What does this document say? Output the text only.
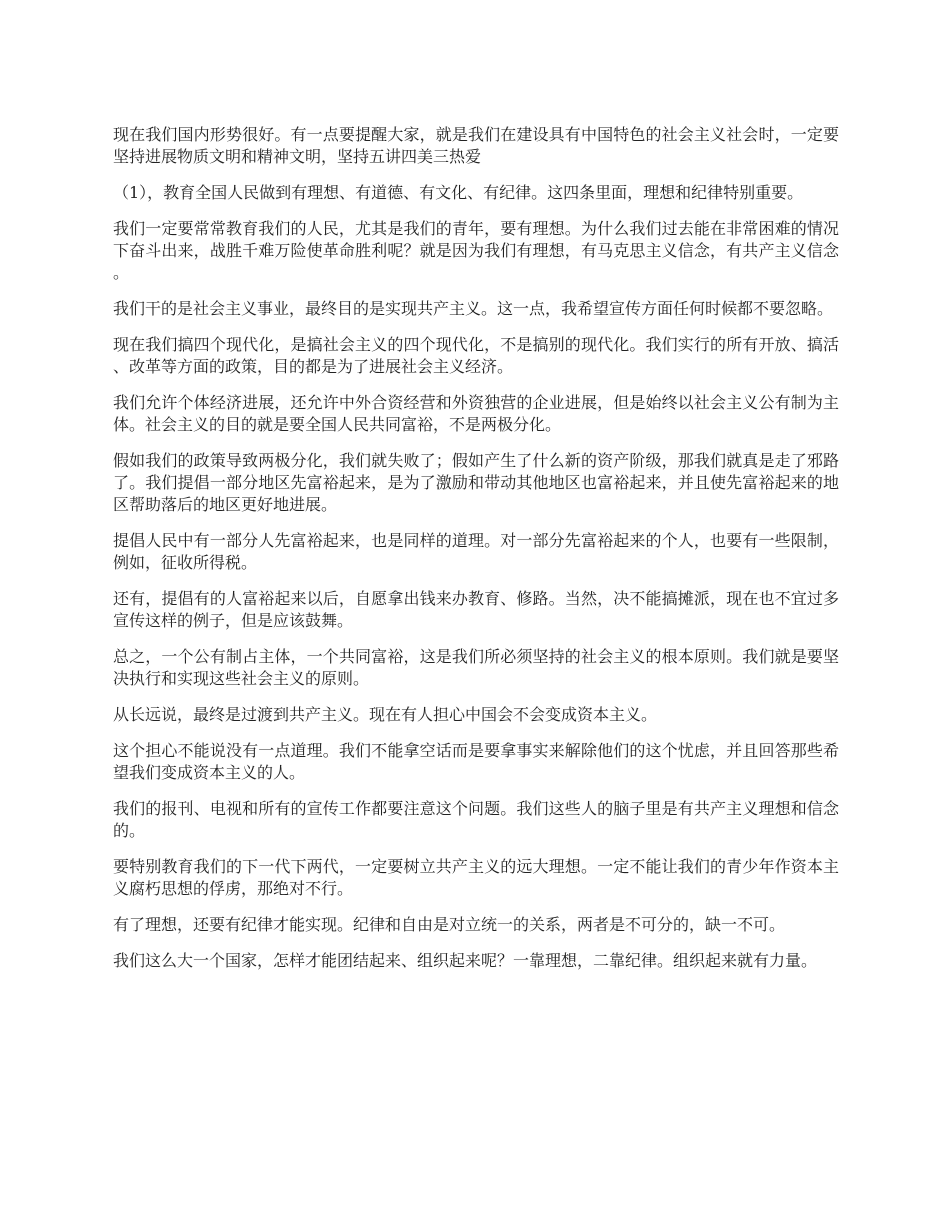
现在我们国内形势很好。有一点要提醒大家，就是我们在建设具有中国特色的社会主义社会时，一定要坚持进展物质文明和精神文明，坚持五讲四美三热爱

（1），教育全国人民做到有理想、有道德、有文化、有纪律。这四条里面，理想和纪律特别重要。

我们一定要常常教育我们的人民，尤其是我们的青年，要有理想。为什么我们过去能在非常困难的情况下奋斗出来，战胜千难万险使革命胜利呢？就是因为我们有理想，有马克思主义信念，有共产主义信念。

我们干的是社会主义事业，最终目的是实现共产主义。这一点，我希望宣传方面任何时候都不要忽略。

现在我们搞四个现代化，是搞社会主义的四个现代化，不是搞别的现代化。我们实行的所有开放、搞活、改革等方面的政策，目的都是为了进展社会主义经济。

我们允许个体经济进展，还允许中外合资经营和外资独营的企业进展，但是始终以社会主义公有制为主体。社会主义的目的就是要全国人民共同富裕，不是两极分化。

假如我们的政策导致两极分化，我们就失败了；假如产生了什么新的资产阶级，那我们就真是走了邪路了。我们提倡一部分地区先富裕起来，是为了激励和带动其他地区也富裕起来，并且使先富裕起来的地区帮助落后的地区更好地进展。

提倡人民中有一部分人先富裕起来，也是同样的道理。对一部分先富裕起来的个人，也要有一些限制，例如，征收所得税。

还有，提倡有的人富裕起来以后，自愿拿出钱来办教育、修路。当然，决不能搞摊派，现在也不宜过多宣传这样的例子，但是应该鼓舞。

总之，一个公有制占主体，一个共同富裕，这是我们所必须坚持的社会主义的根本原则。我们就是要坚决执行和实现这些社会主义的原则。

从长远说，最终是过渡到共产主义。现在有人担心中国会不会变成资本主义。

这个担心不能说没有一点道理。我们不能拿空话而是要拿事实来解除他们的这个忧虑，并且回答那些希望我们变成资本主义的人。

我们的报刊、电视和所有的宣传工作都要注意这个问题。我们这些人的脑子里是有共产主义理想和信念的。

要特别教育我们的下一代下两代，一定要树立共产主义的远大理想。一定不能让我们的青少年作资本主义腐朽思想的俘虏，那绝对不行。

有了理想，还要有纪律才能实现。纪律和自由是对立统一的关系，两者是不可分的，缺一不可。

我们这么大一个国家，怎样才能团结起来、组织起来呢？一靠理想，二靠纪律。组织起来就有力量。
